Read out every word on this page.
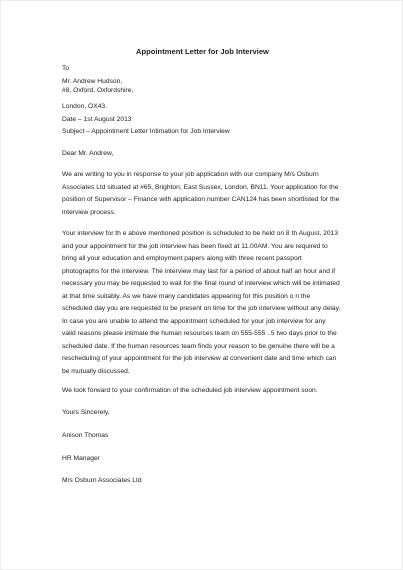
Appointment Letter for Job Interview
To
Mr. Andrew Hudson,
#8, Oxford, Oxfordshire,
London, OX43.
Date – 1st August 2013
Subject – Appointment Letter Intimation for Job Interview
Dear Mr. Andrew,
We are writing to you in response to your job application with our company M/s Osburn
Associates Ltd situated at #65, Brighton, East Sussex, London, BN11. Your application for the
position of Supervisor – Finance with application number CAN124 has been shortlisted for the
interview process.
Your interview for th e above mentioned position is scheduled to be held on 8 th August, 2013
and your appointment for the job interview has been fixed at 11.00AM. You are required to
bring all your education and employment papers along with three recent passport
photographs for the interview. The interview may last for a period of about half an hour and if
necessary you may be requested to wait for the final round of interview which will be intimated
at that time suitably. As we have many candidates appearing for this position o n the
scheduled day you are requested to be present on time for the job interview without any delay.
In case you are unable to attend the appointment scheduled for your job interview for any
valid reasons please intimate the human resources team on 555-555 . 5 two days prior to the
scheduled date. If the human resources team finds your reason to be genuine there will be a
rescheduling of your appointment for the job interview at convenient date and time which can
be mutually discussed.
We look forward to your confirmation of the scheduled job interview appointment soon.
Yours Sincerely,
Anison Thomas
HR Manager
M/s Osburn Associates Ltd
